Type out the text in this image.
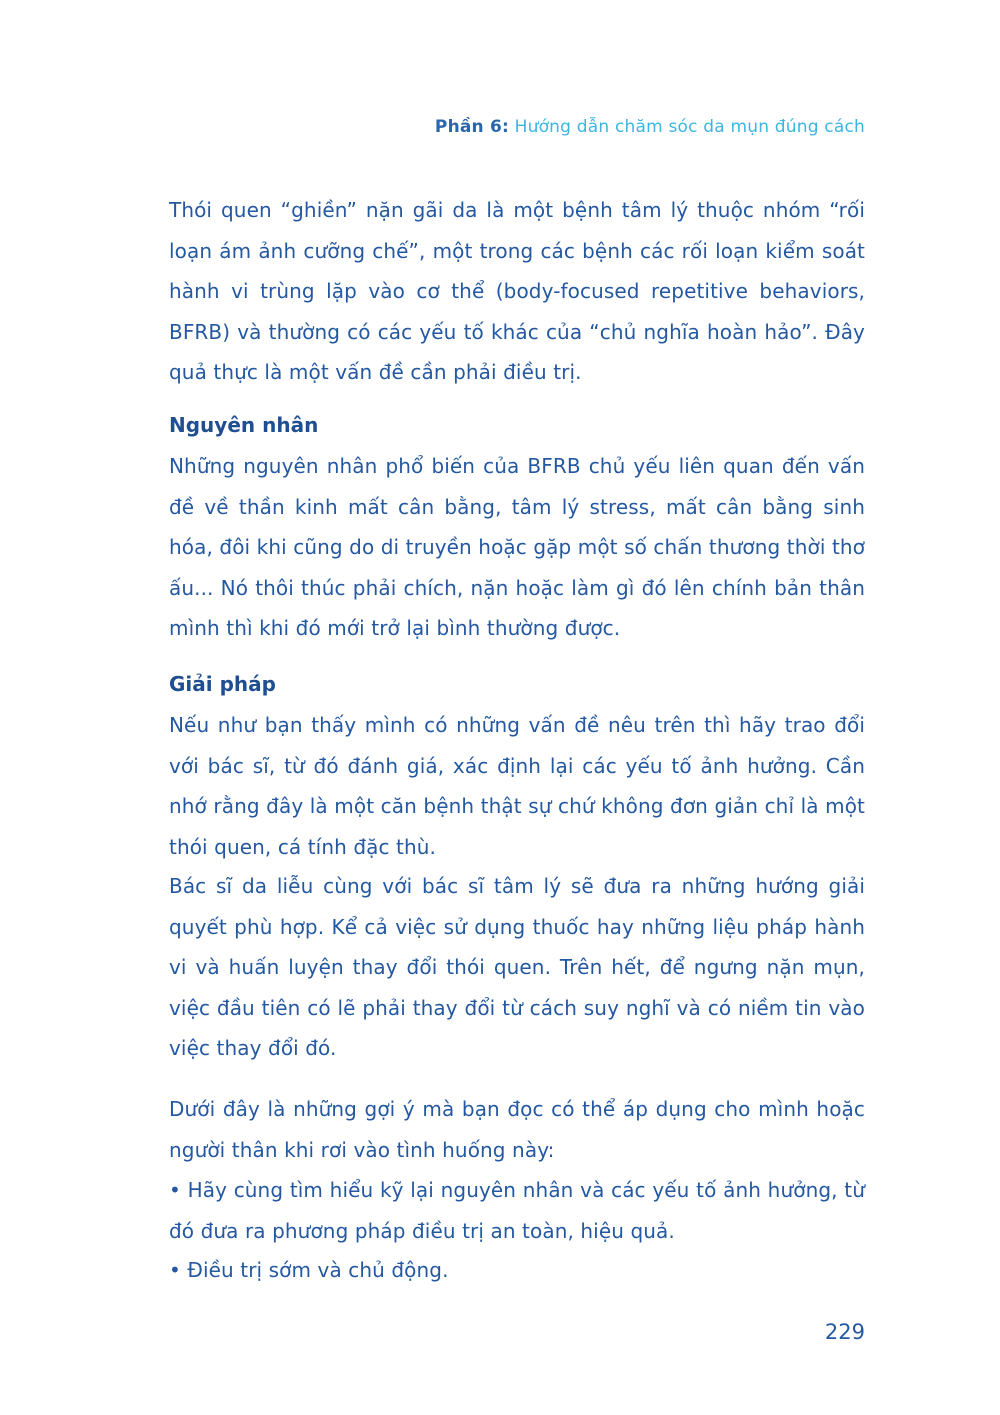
Phần 6: Hướng dẫn chăm sóc da mụn đúng cách

Thói quen “ghiền” nặn gãi da là một bệnh tâm lý thuộc nhóm “rối loạn ám ảnh cưỡng chế”, một trong các bệnh các rối loạn kiểm soát hành vi trùng lặp vào cơ thể (body-focused repetitive behaviors, BFRB) và thường có các yếu tố khác của “chủ nghĩa hoàn hảo”. Đây quả thực là một vấn đề cần phải điều trị.

Nguyên nhân

Những nguyên nhân phổ biến của BFRB chủ yếu liên quan đến vấn đề về thần kinh mất cân bằng, tâm lý stress, mất cân bằng sinh hóa, đôi khi cũng do di truyền hoặc gặp một số chấn thương thời thơ ấu... Nó thôi thúc phải chích, nặn hoặc làm gì đó lên chính bản thân mình thì khi đó mới trở lại bình thường được.

Giải pháp

Nếu như bạn thấy mình có những vấn đề nêu trên thì hãy trao đổi với bác sĩ, từ đó đánh giá, xác định lại các yếu tố ảnh hưởng. Cần nhớ rằng đây là một căn bệnh thật sự chứ không đơn giản chỉ là một thói quen, cá tính đặc thù.

Bác sĩ da liễu cùng với bác sĩ tâm lý sẽ đưa ra những hướng giải quyết phù hợp. Kể cả việc sử dụng thuốc hay những liệu pháp hành vi và huấn luyện thay đổi thói quen. Trên hết, để ngưng nặn mụn, việc đầu tiên có lẽ phải thay đổi từ cách suy nghĩ và có niềm tin vào việc thay đổi đó.

Dưới đây là những gợi ý mà bạn đọc có thể áp dụng cho mình hoặc người thân khi rơi vào tình huống này:

• Hãy cùng tìm hiểu kỹ lại nguyên nhân và các yếu tố ảnh hưởng, từ đó đưa ra phương pháp điều trị an toàn, hiệu quả.

• Điều trị sớm và chủ động.

229
